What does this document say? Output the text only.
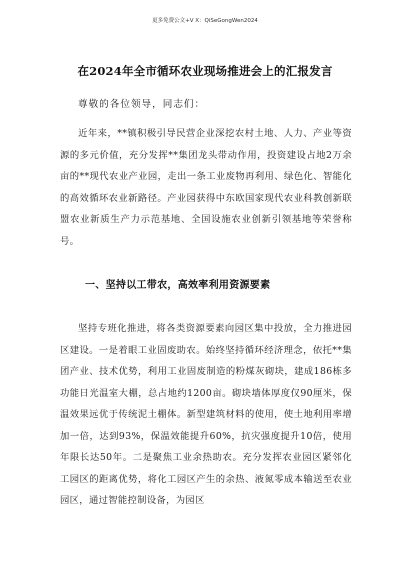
更多免费公文+V X：QiSeGongWen2024
在2024年全市循环农业现场推进会上的汇报发言
尊敬的各位领导，同志们：
近年来，**镇积极引导民营企业深挖农村土地、人力、产业等资源的多元价值，充分发挥**集团龙头带动作用，投资建设占地2万余亩的**现代农业产业园，走出一条工业废物再利用、绿色化、智能化的高效循环农业新路径。产业园获得中东欧国家现代农业科教创新联盟农业新质生产力示范基地、全国设施农业创新引领基地等荣誉称号。
一、坚持以工带农，高效率利用资源要素
坚持专班化推进，将各类资源要素向园区集中投放，全力推进园区建设。一是着眼工业固废助农。始终坚持循环经济理念，依托**集团产业、技术优势，利用工业固废制造的粉煤灰砌块，建成186栋多功能日光温室大棚，总占地约1200亩。砌块墙体厚度仅90厘米，保温效果远优于传统泥土棚体。新型建筑材料的使用，使土地利用率增加一倍，达到93%，保温效能提升60%，抗灾强度提升10倍，使用年限长达50年。二是聚焦工业余热助农。充分发挥农业园区紧邻化工园区的距离优势，将化工园区产生的余热、液氮零成本输送至农业园区，通过智能控制设备，为园区
